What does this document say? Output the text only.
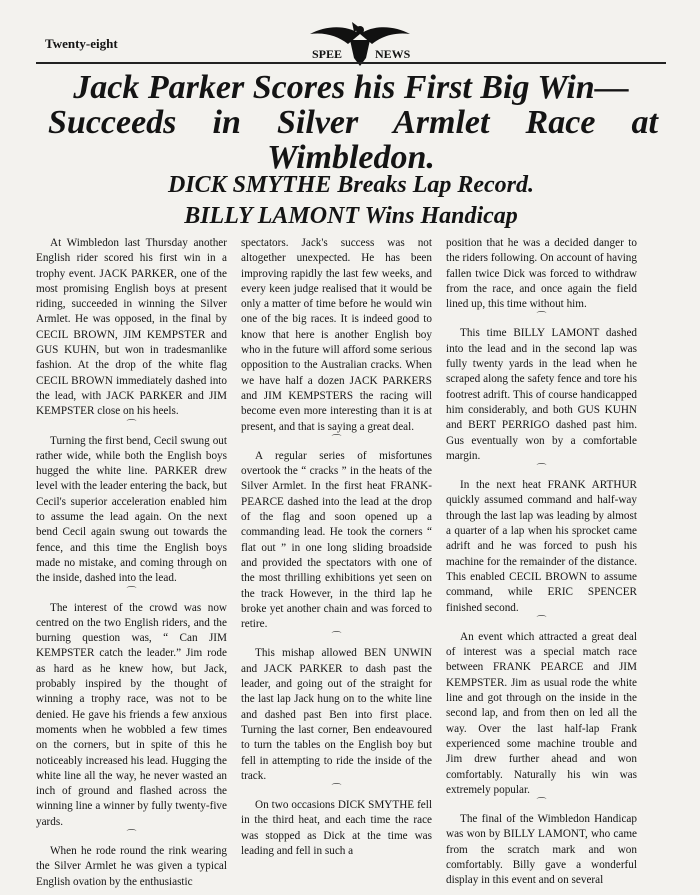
Twenty-eight
SPEE	NEWS
Jack Parker Scores his First Big Win—
Succeeds in Silver Armlet Race at
Wimbledon.
DICK SMYTHE Breaks Lap Record.
BILLY LAMONT Wins Handicap

At Wimbledon last Thursday another English rider scored his first win in a trophy event. JACK PARKER, one of the most promising English boys at present riding, succeeded in winning the Silver Armlet. He was opposed, in the final by CECIL BROWN, JIM KEMPSTER and GUS KUHN, but won in tradesmanlike fashion. At the drop of the white flag CECIL BROWN immediately dashed into the lead, with JACK PARKER and JIM KEMPSTER close on his heels.

⌒

Turning the first bend, Cecil swung out rather wide, while both the English boys hugged the white line. PARKER drew level with the leader entering the back, but Cecil's superior acceleration enabled him to assume the lead again. On the next bend Cecil again swung out towards the fence, and this time the English boys made no mistake, and coming through on the inside, dashed into the lead.

⌒

The interest of the crowd was now centred on the two English riders, and the burning question was, “ Can JIM KEMPSTER catch the leader.” Jim rode as hard as he knew how, but Jack, probably inspired by the thought of winning a trophy race, was not to be denied. He gave his friends a few anxious moments when he wobbled a few times on the corners, but in spite of this he noticeably increased his lead. Hugging the white line all the way, he never wasted an inch of ground and flashed across the winning line a winner by fully twenty-five yards.

⌒

When he rode round the rink wearing the Silver Armlet he was given a typical English ovation by the enthusiastic

spectators. Jack's success was not altogether unexpected. He has been improving rapidly the last few weeks, and every keen judge realised that it would be only a matter of time before he would win one of the big races. It is indeed good to know that here is another English boy who in the future will afford some serious opposition to the Australian cracks. When we have half a dozen JACK PARKERS and JIM KEMPSTERS the racing will become even more interesting than it is at present, and that is saying a great deal.

⌒

A regular series of misfortunes overtook the “ cracks ” in the heats of the Silver Armlet. In the first heat FRANK-PEARCE dashed into the lead at the drop of the flag and soon opened up a commanding lead. He took the corners “ flat out ” in one long sliding broadside and provided the spectators with one of the most thrilling exhibitions yet seen on the track However, in the third lap he broke yet another chain and was forced to retire.

⌒

This mishap allowed BEN UNWIN and JACK PARKER to dash past the leader, and going out of the straight for the last lap Jack hung on to the white line and dashed past Ben into first place. Turning the last corner, Ben endeavoured to turn the tables on the English boy but fell in attempting to ride the inside of the track.

⌒

On two occasions DICK SMYTHE fell in the third heat, and each time the race was stopped as Dick at the time was leading and fell in such a

position that he was a decided danger to the riders following. On account of having fallen twice Dick was forced to withdraw from the race, and once again the field lined up, this time without him.

⌒

This time BILLY LAMONT dashed into the lead and in the second lap was fully twenty yards in the lead when he scraped along the safety fence and tore his footrest adrift. This of course handicapped him considerably, and both GUS KUHN and BERT PERRIGO dashed past him. Gus eventually won by a comfortable margin.

⌒

In the next heat FRANK ARTHUR quickly assumed command and half-way through the last lap was leading by almost a quarter of a lap when his sprocket came adrift and he was forced to push his machine for the remainder of the distance. This enabled CECIL BROWN to assume command, while ERIC SPENCER finished second.

⌒

An event which attracted a great deal of interest was a special match race between FRANK PEARCE and JIM KEMPSTER. Jim as usual rode the white line and got through on the inside in the second lap, and from then on led all the way. Over the last half-lap Frank experienced some machine trouble and Jim drew further ahead and won comfortably. Naturally his win was extremely popular.

⌒

The final of the Wimbledon Handicap was won by BILLY LAMONT, who came from the scratch mark and won comfortably. Billy gave a wonderful display in this event and on several
